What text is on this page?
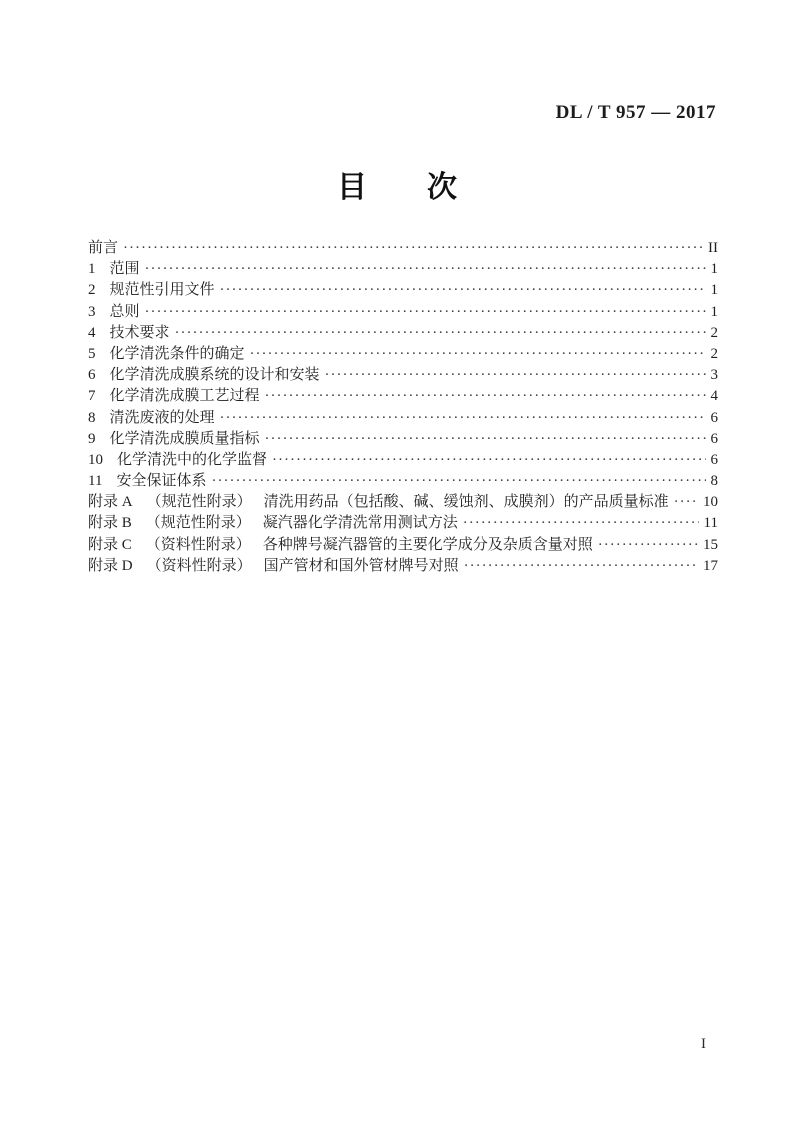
DL / T 957 — 2017
目　　次
前言 ·····	II
1 范围 ·····	1
2 规范性引用文件 ·····	1
3 总则 ·····	1
4 技术要求 ·····	2
5 化学清洗条件的确定 ·····	2
6 化学清洗成膜系统的设计和安装 ·····	3
7 化学清洗成膜工艺过程 ·····	4
8 清洗废液的处理 ·····	6
9 化学清洗成膜质量指标 ·····	6
10 化学清洗中的化学监督 ·····	6
11 安全保证体系 ·····	8
附录 A （规范性附录） 清洗用药品（包括酸、碱、缓蚀剂、成膜剂）的产品质量标准 ····· 10
附录 B （规范性附录） 凝汽器化学清洗常用测试方法 ·····	11
附录 C （资料性附录） 各种牌号凝汽器管的主要化学成分及杂质含量对照 ·····	15
附录 D （资料性附录） 国产管材和国外管材牌号对照 ·····	17
I
